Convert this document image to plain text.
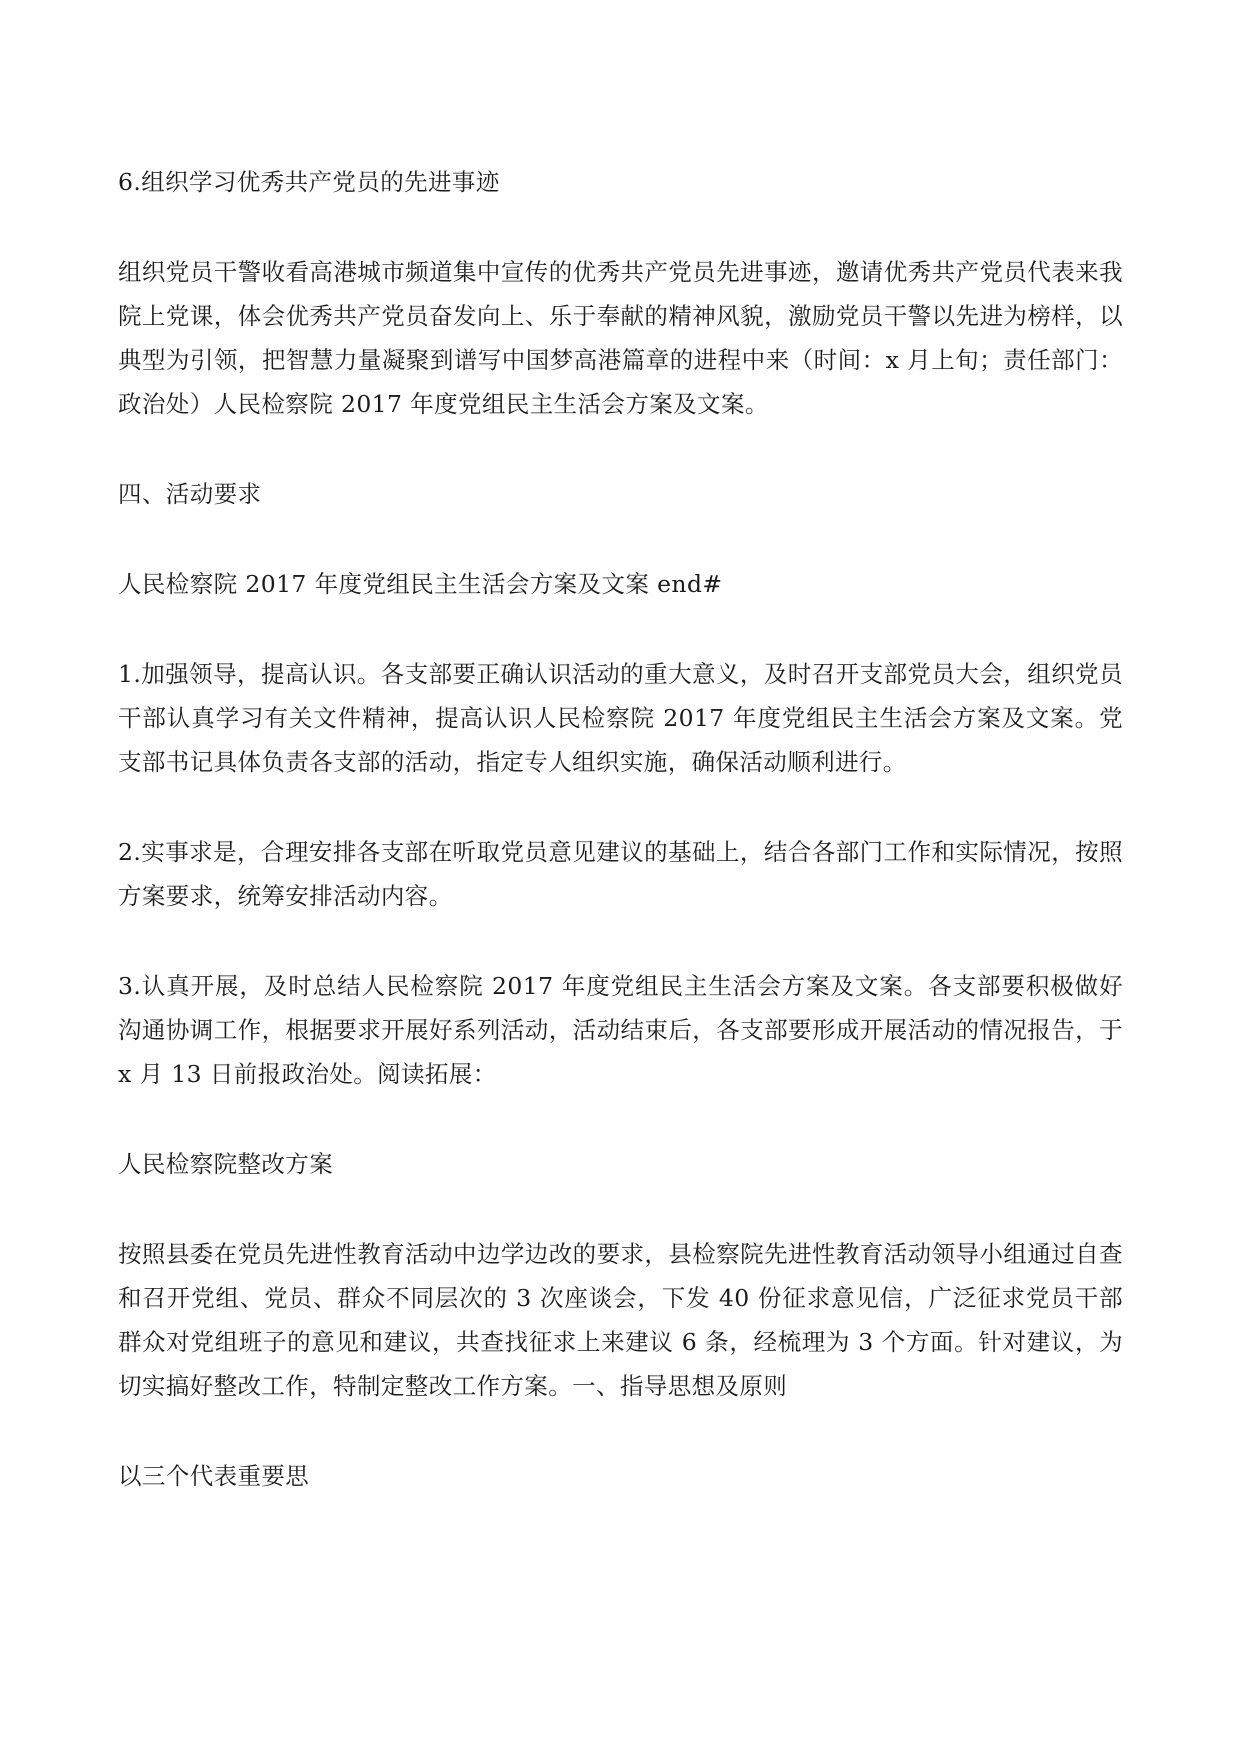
6.组织学习优秀共产党员的先进事迹

组织党员干警收看高港城市频道集中宣传的优秀共产党员先进事迹，邀请优秀共产党员代表来我院上党课，体会优秀共产党员奋发向上、乐于奉献的精神风貌，激励党员干警以先进为榜样，以典型为引领，把智慧力量凝聚到谱写中国梦高港篇章的进程中来（时间：x 月上旬；责任部门：政治处）人民检察院 2017 年度党组民主生活会方案及文案。

四、活动要求

人民检察院 2017 年度党组民主生活会方案及文案 end#

1.加强领导，提高认识。各支部要正确认识活动的重大意义，及时召开支部党员大会，组织党员干部认真学习有关文件精神，提高认识人民检察院 2017 年度党组民主生活会方案及文案。党支部书记具体负责各支部的活动，指定专人组织实施，确保活动顺利进行。

2.实事求是，合理安排各支部在听取党员意见建议的基础上，结合各部门工作和实际情况，按照方案要求，统筹安排活动内容。

3.认真开展，及时总结人民检察院 2017 年度党组民主生活会方案及文案。各支部要积极做好沟通协调工作，根据要求开展好系列活动，活动结束后，各支部要形成开展活动的情况报告，于 x 月 13 日前报政治处。阅读拓展：

人民检察院整改方案

按照县委在党员先进性教育活动中边学边改的要求，县检察院先进性教育活动领导小组通过自查和召开党组、党员、群众不同层次的 3 次座谈会，下发 40 份征求意见信，广泛征求党员干部群众对党组班子的意见和建议，共查找征求上来建议 6 条，经梳理为 3 个方面。针对建议，为切实搞好整改工作，特制定整改工作方案。一、指导思想及原则

以三个代表重要思
